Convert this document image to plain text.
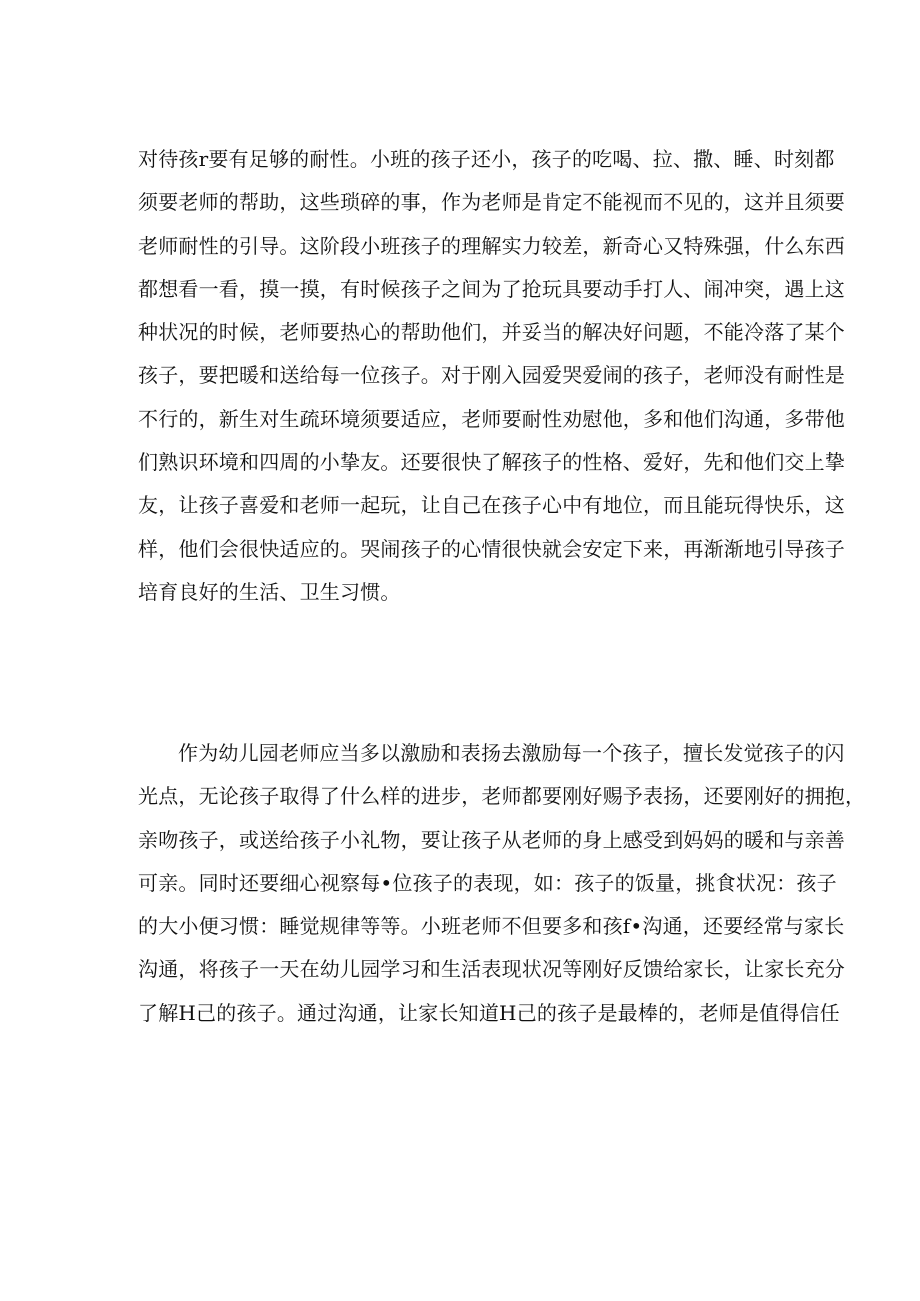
对待孩r要有足够的耐性。小班的孩子还小，孩子的吃喝、拉、撒、睡、时刻都
须要老师的帮助，这些琐碎的事，作为老师是肯定不能视而不见的，这并且须要
老师耐性的引导。这阶段小班孩子的理解实力较差，新奇心又特殊强，什么东西
都想看一看，摸一摸，有时候孩子之间为了抢玩具要动手打人、闹冲突，遇上这
种状况的时候，老师要热心的帮助他们，并妥当的解决好问题，不能冷落了某个
孩子，要把暖和送给每一位孩子。对于刚入园爱哭爱闹的孩子，老师没有耐性是
不行的，新生对生疏环境须要适应，老师要耐性劝慰他，多和他们沟通，多带他
们熟识环境和四周的小挚友。还要很快了解孩子的性格、爱好，先和他们交上挚
友，让孩子喜爱和老师一起玩，让自己在孩子心中有地位，而且能玩得快乐，这
样，他们会很快适应的。哭闹孩子的心情很快就会安定下来，再渐渐地引导孩子
培育良好的生活、卫生习惯。
作为幼儿园老师应当多以激励和表扬去激励每一个孩子，擅长发觉孩子的闪
光点，无论孩子取得了什么样的进步，老师都要刚好赐予表扬，还要刚好的拥抱，
亲吻孩子，或送给孩子小礼物，要让孩子从老师的身上感受到妈妈的暖和与亲善
可亲。同时还要细心视察每•位孩子的表现，如：孩子的饭量，挑食状况：孩子
的大小便习惯：睡觉规律等等。小班老师不但要多和孩f•沟通，还要经常与家长
沟通，将孩子一天在幼儿园学习和生活表现状况等刚好反馈给家长，让家长充分
了解H己的孩子。通过沟通，让家长知道H己的孩子是最棒的，老师是值得信任
